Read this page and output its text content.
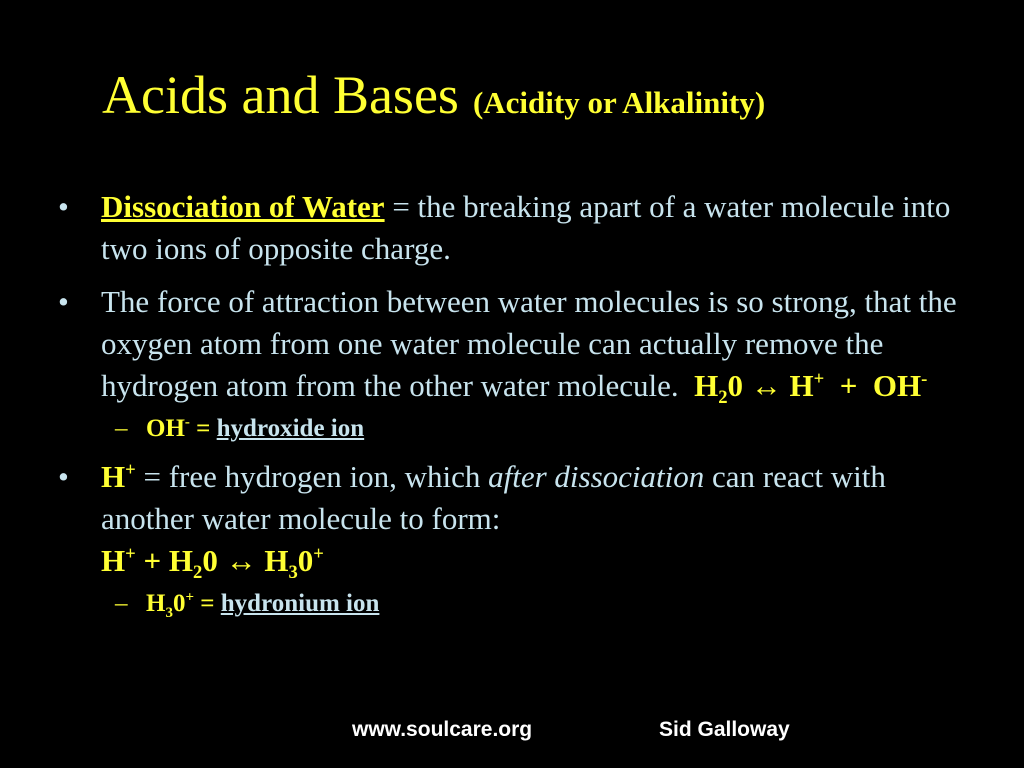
Acids and Bases (Acidity or Alkalinity)
• Dissociation of Water = the breaking apart of a water molecule into two ions of opposite charge.
• The force of attraction between water molecules is so strong, that the oxygen atom from one water molecule can actually remove the hydrogen atom from the other water molecule. $H_20$ ↔ H+  +  OH-
– OH- = hydroxide ion
• H+ = free hydrogen ion, which after dissociation can react with another water molecule to form:
$H^+ + H_20$ ↔ $H_30^+$
– $H_30^+$ = hydronium ion
www.soulcare.org	Sid Galloway
